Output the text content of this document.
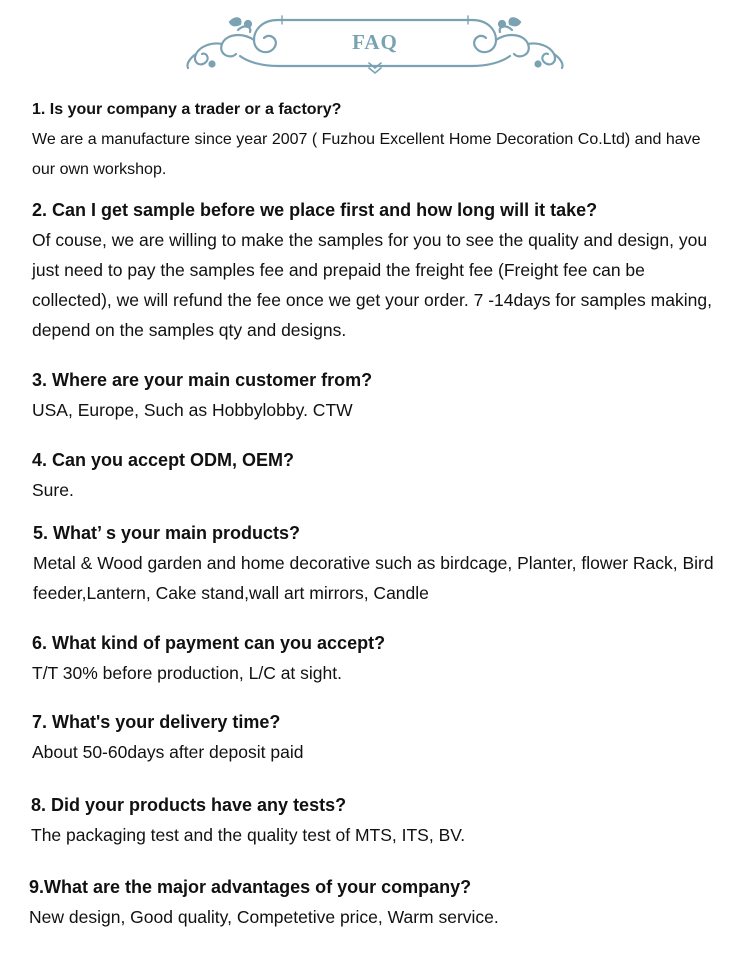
FAQ
1. Is your company a trader or a factory?
We are a manufacture since year 2007 ( Fuzhou Excellent Home Decoration Co.Ltd) and have our own workshop.
2. Can I get sample before we place first and how long will it take?
Of couse, we are willing to make the samples for you to see the quality and design, you just need to pay the samples fee and prepaid the freight fee (Freight fee can be collected), we will refund the fee once we get your order. 7 -14days for samples making, depend on the samples qty and designs.
3. Where are your main customer from?
USA, Europe, Such as Hobbylobby. CTW
4. Can you accept ODM, OEM?
Sure.
5. What’ s your main products?
Metal & Wood garden and home decorative such as birdcage, Planter, flower Rack, Bird feeder,Lantern, Cake stand,wall art mirrors, Candle
6. What kind of payment can you accept?
T/T 30% before production, L/C at sight.
7. What's your delivery time?
About 50-60days after deposit paid
8. Did your products have any tests?
The packaging test and the quality test of MTS, ITS, BV.
9.What are the major advantages of your company?
New design, Good quality, Competetive price, Warm service.
